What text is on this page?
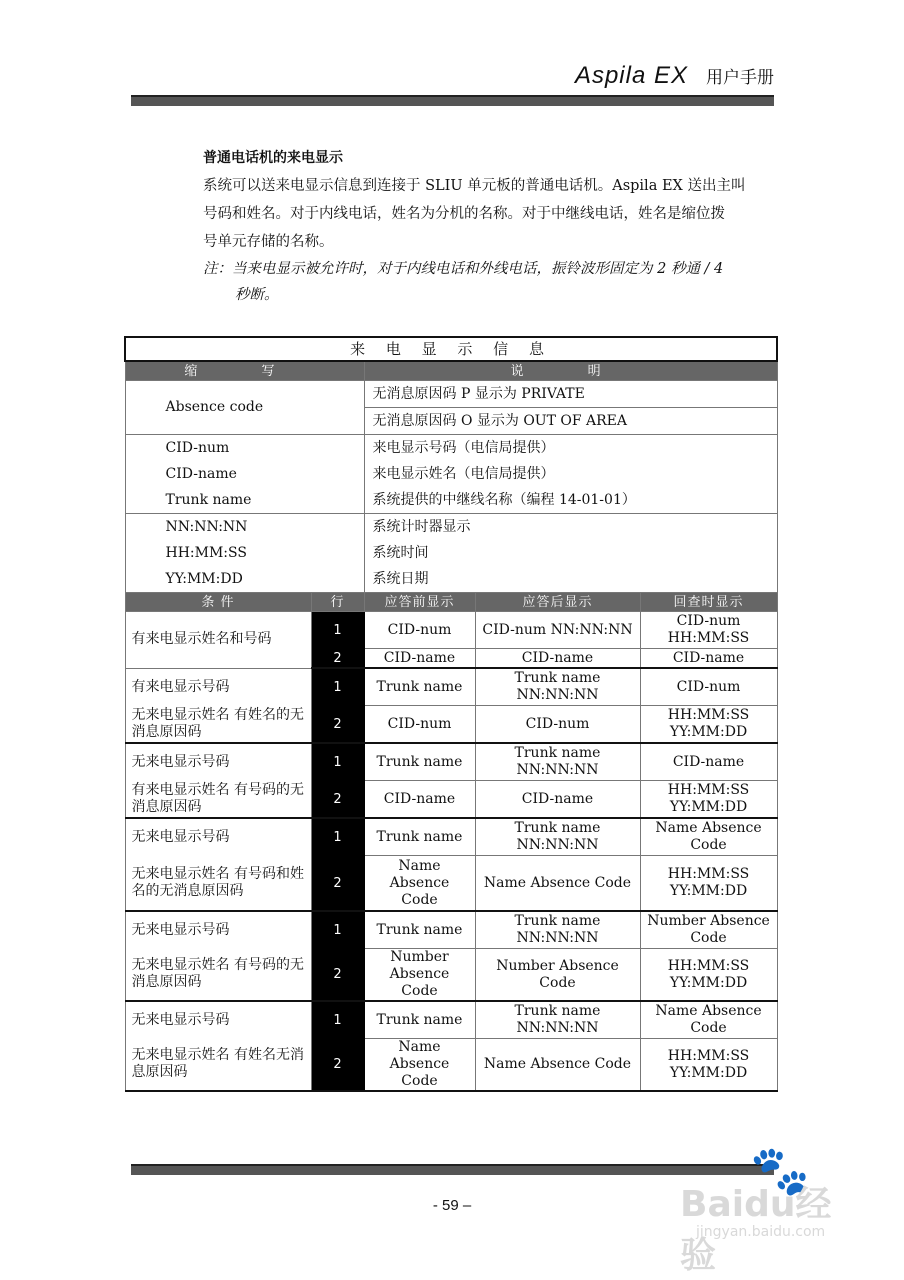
Aspila EX 用户手册
普通电话机的来电显示
系统可以送来电显示信息到连接于 SLIU 单元板的普通电话机。Aspila EX 送出主叫
号码和姓名。对于内线电话，姓名为分机的名称。对于中继线电话，姓名是缩位拨
号单元存储的名称。
注：当来电显示被允许时，对于内线电话和外线电话，振铃波形固定为 2 秒通 / 4
秒断。
来 电 显 示 信 息				
缩 写		说 明		
Absence code		无消息原因码 P 显示为 PRIVATE		
		无消息原因码 O 显示为 OUT OF AREA		
CID-num		来电显示号码（电信局提供）		
CID-name		来电显示姓名（电信局提供）		
Trunk name		系统提供的中继线名称（编程 14-01-01）		
NN:NN:NN		系统计时器显示		
HH:MM:SS		系统时间		
YY:MM:DD		系统日期		
条 件	行	应答前显示	应答后显示	回查时显示
有来电显示姓名和号码	1	CID-num	CID-num NN:NN:NN	CID-num HH:MM:SS
	2	CID-name	CID-name	CID-name
有来电显示号码	1	Trunk name	Trunk name NN:NN:NN	CID-num
无来电显示姓名 有姓名的无消息原因码	2	CID-num	CID-num	HH:MM:SS YY:MM:DD
无来电显示号码	1	Trunk name	Trunk name NN:NN:NN	CID-name
有来电显示姓名 有号码的无消息原因码	2	CID-name	CID-name	HH:MM:SS YY:MM:DD
无来电显示号码	1	Trunk name	Trunk name NN:NN:NN	Name Absence Code
无来电显示姓名 有号码和姓名的无消息原因码	2	Name Absence Code	Name Absence Code	HH:MM:SS YY:MM:DD
无来电显示号码	1	Trunk name	Trunk name NN:NN:NN	Number Absence Code
无来电显示姓名 有号码的无消息原因码	2	Number Absence Code	Number Absence Code	HH:MM:SS YY:MM:DD
无来电显示号码	1	Trunk name	Trunk name NN:NN:NN	Name Absence Code
无来电显示姓名 有姓名无消息原因码	2	Name Absence Code	Name Absence Code	HH:MM:SS YY:MM:DD
- 59 –
🐾
Baidu经验
jingyan.baidu.com
